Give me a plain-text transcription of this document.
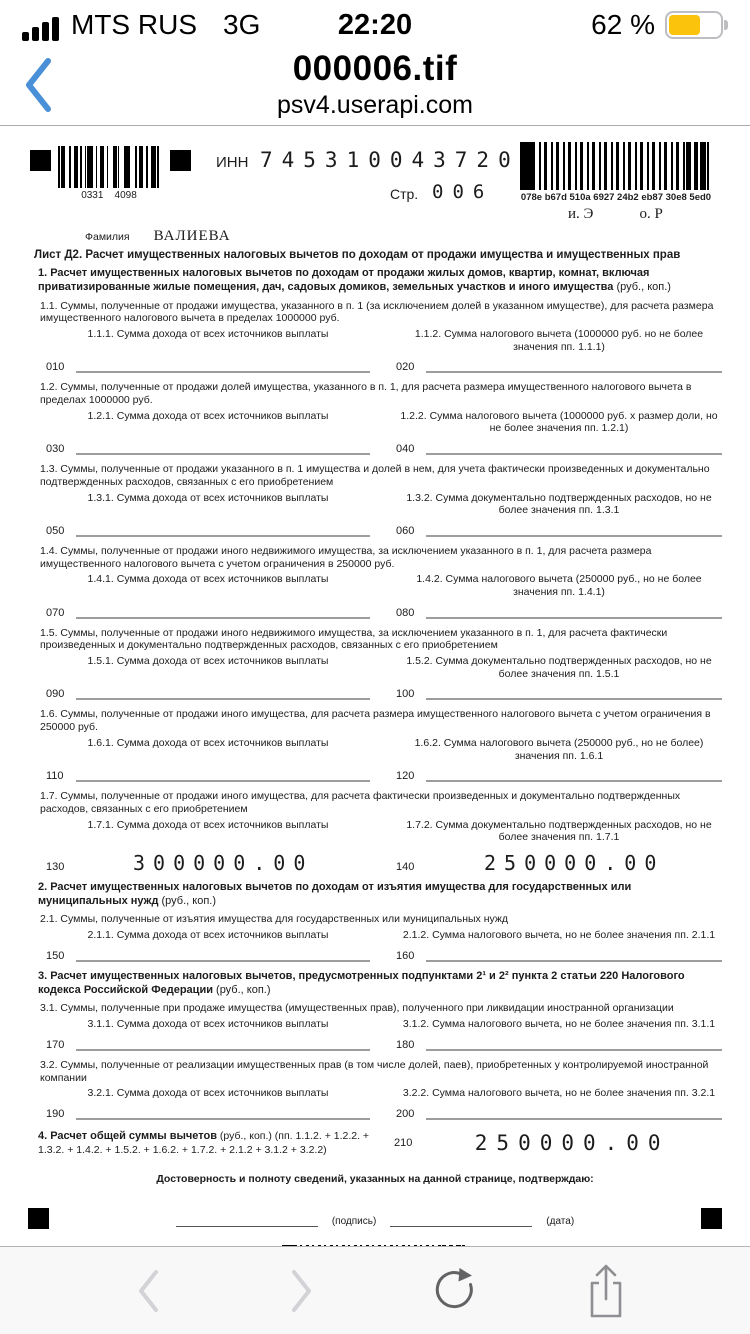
MTS RUS 3G	22:20	62 %
000006.tif
psv4.userapi.com
0331    4098
ИНН 745310043720
Стр. 006	078e b67d 510a 6927 24b2 eb87 30e8 5ed0
и. Э	о. Р
Фамилия ВАЛИЕВА
Лист Д2. Расчет имущественных налоговых вычетов по доходам от продажи имущества и имущественных прав
1. Расчет имущественных налоговых вычетов по доходам от продажи жилых домов, квартир, комнат, включая приватизированные жилые помещения, дач, садовых домиков, земельных участков и иного имущества (руб., коп.)
1.1. Суммы, полученные от продажи имущества, указанного в п. 1 (за исключением долей в указанном имуществе), для расчета размера имущественного налогового вычета в пределах 1000000 руб.
1.1.1. Сумма дохода от всех источников выплаты	1.1.2. Сумма налогового вычета (1000000 руб. но не более значения пп. 1.1.1)
010	020
1.2. Суммы, полученные от продажи долей имущества, указанного в п. 1, для расчета размера имущественного налогового вычета в пределах 1000000 руб.
1.2.1. Сумма дохода от всех источников выплаты	1.2.2. Сумма налогового вычета (1000000 руб. х размер доли, но не более значения пп. 1.2.1)
030	040
1.3. Суммы, полученные от продажи указанного в п. 1 имущества и долей в нем, для учета фактически произведенных и документально подтвержденных расходов, связанных с его приобретением
1.3.1. Сумма дохода от всех источников выплаты	1.3.2. Сумма документально подтвержденных расходов, но не более значения пп. 1.3.1
050	060
1.4. Суммы, полученные от продажи иного недвижимого имущества, за исключением указанного в п. 1, для расчета размера имущественного налогового вычета с учетом ограничения в 250000 руб.
1.4.1. Сумма дохода от всех источников выплаты	1.4.2. Сумма налогового вычета (250000 руб., но не более значения пп. 1.4.1)
070	080
1.5. Суммы, полученные от продажи иного недвижимого имущества, за исключением указанного в п. 1, для расчета фактически произведенных и документально подтвержденных расходов, связанных с его приобретением
1.5.1. Сумма дохода от всех источников выплаты	1.5.2. Сумма документально подтвержденных расходов, но не более значения пп. 1.5.1
090	100
1.6. Суммы, полученные от продажи иного имущества, для расчета размера имущественного налогового вычета с учетом ограничения в 250000 руб.
1.6.1. Сумма дохода от всех источников выплаты	1.6.2. Сумма налогового вычета (250000 руб., но не более) значения пп. 1.6.1
110	120
1.7. Суммы, полученные от продажи иного имущества, для расчета фактически произведенных и документально подтвержденных расходов, связанных с его приобретением
1.7.1. Сумма дохода от всех источников выплаты	1.7.2. Сумма документально подтвержденных расходов, но не более значения пп. 1.7.1
130	300000.00	140	250000.00
2. Расчет имущественных налоговых вычетов по доходам от изъятия имущества для государственных или муниципальных нужд (руб., коп.)
2.1. Суммы, полученные от изъятия имущества для государственных или муниципальных нужд
2.1.1. Сумма дохода от всех источников выплаты	2.1.2. Сумма налогового вычета, но не более значения пп. 2.1.1
150	160
3. Расчет имущественных налоговых вычетов, предусмотренных подпунктами 2¹ и 2² пункта 2 статьи 220 Налогового кодекса Российской Федерации (руб., коп.)
3.1. Суммы, полученные при продаже имущества (имущественных прав), полученного при ликвидации иностранной организации
3.1.1. Сумма дохода от всех источников выплаты	3.1.2. Сумма налогового вычета, но не более значения пп. 3.1.1
170	180
3.2. Суммы, полученные от реализации имущественных прав (в том числе долей, паев), приобретенных у контролируемой иностранной компании
3.2.1. Сумма дохода от всех источников выплаты	3.2.2. Сумма налогового вычета, но не более значения пп. 3.2.1
190	200
4. Расчет общей суммы вычетов (руб., коп.) (пп. 1.1.2. + 1.2.2. + 1.3.2. + 1.4.2. + 1.5.2. + 1.6.2. + 1.7.2. + 2.1.2 + 3.1.2 + 3.2.2)
210	250000.00
Достоверность и полноту сведений, указанных на данной странице, подтверждаю:
(подпись)	(дата)
